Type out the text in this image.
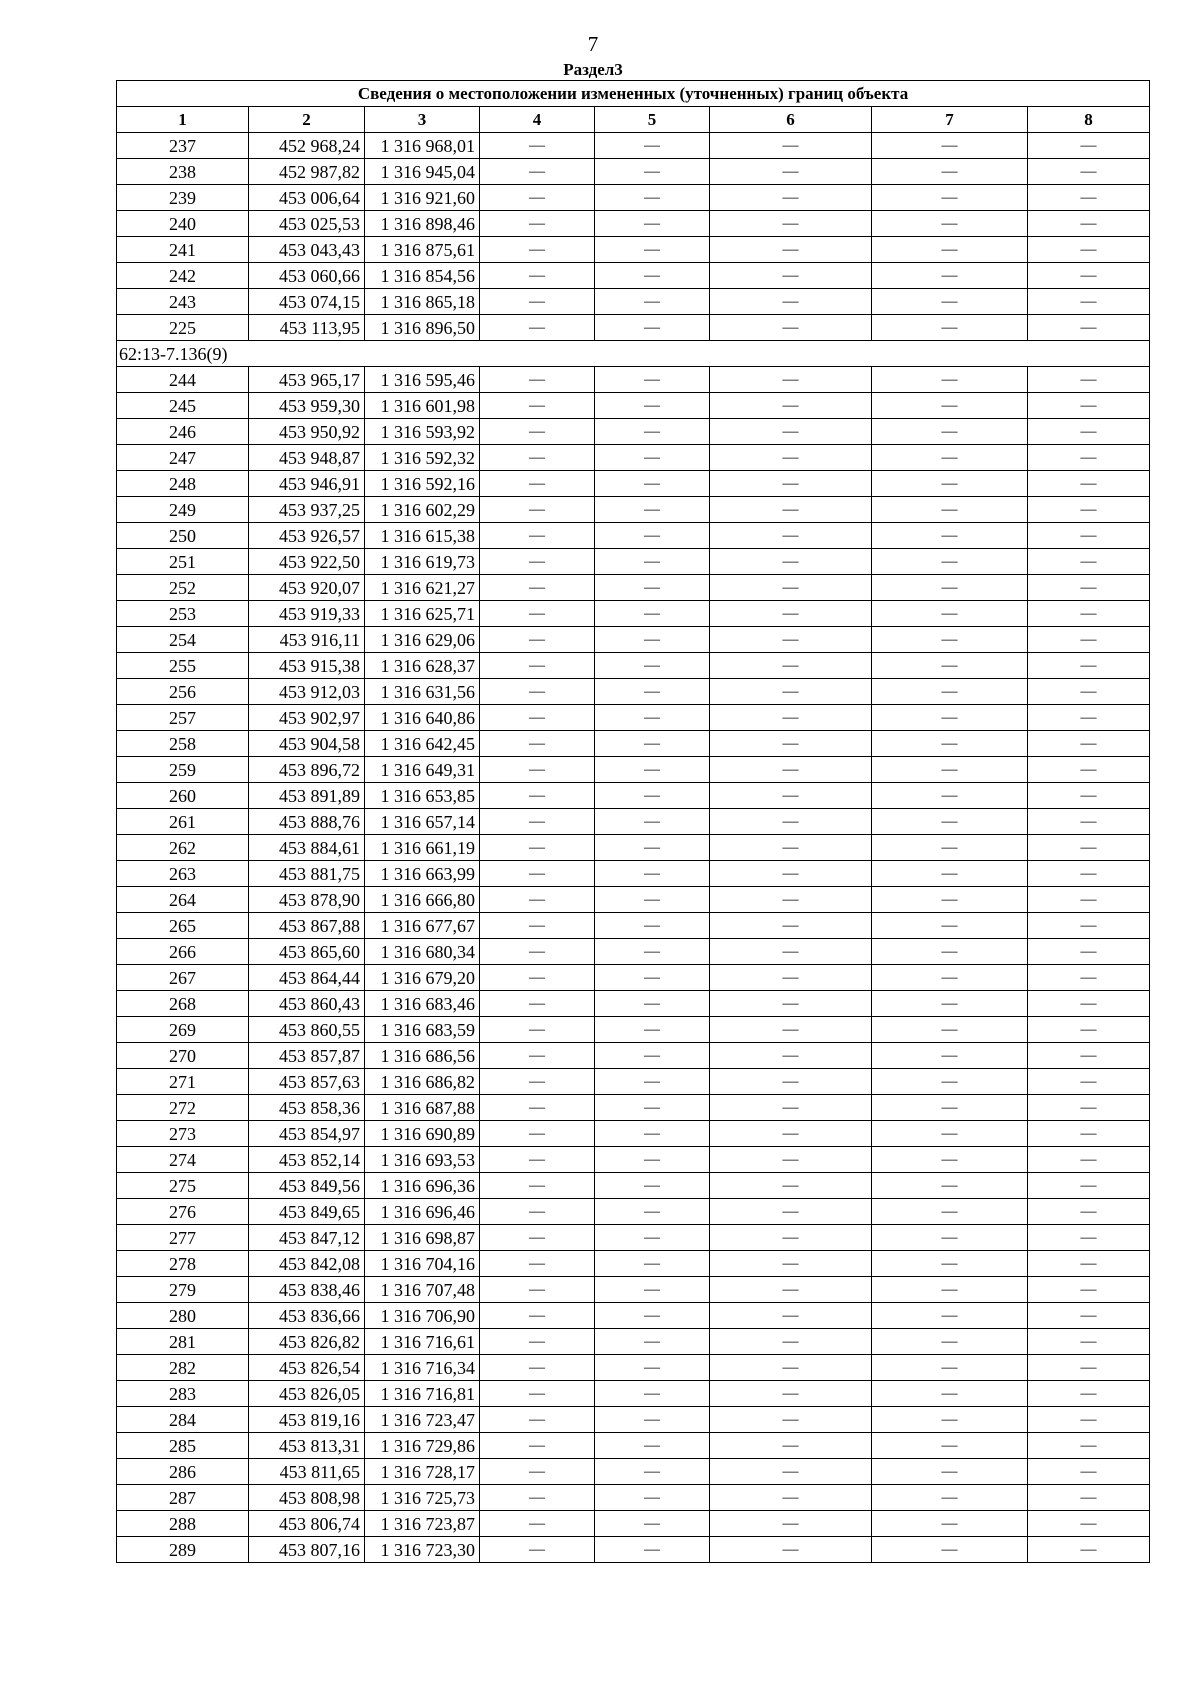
7
Раздел3
Сведения о местоположении измененных (уточненных) границ объекта							
1	2	3	4	5	6	7	8
237	452 968,24	1 316 968,01	—	—	—	—	—
238	452 987,82	1 316 945,04	—	—	—	—	—
239	453 006,64	1 316 921,60	—	—	—	—	—
240	453 025,53	1 316 898,46	—	—	—	—	—
241	453 043,43	1 316 875,61	—	—	—	—	—
242	453 060,66	1 316 854,56	—	—	—	—	—
243	453 074,15	1 316 865,18	—	—	—	—	—
225	453 113,95	1 316 896,50	—	—	—	—	—
62:13-7.136(9)							
244	453 965,17	1 316 595,46	—	—	—	—	—
245	453 959,30	1 316 601,98	—	—	—	—	—
246	453 950,92	1 316 593,92	—	—	—	—	—
247	453 948,87	1 316 592,32	—	—	—	—	—
248	453 946,91	1 316 592,16	—	—	—	—	—
249	453 937,25	1 316 602,29	—	—	—	—	—
250	453 926,57	1 316 615,38	—	—	—	—	—
251	453 922,50	1 316 619,73	—	—	—	—	—
252	453 920,07	1 316 621,27	—	—	—	—	—
253	453 919,33	1 316 625,71	—	—	—	—	—
254	453 916,11	1 316 629,06	—	—	—	—	—
255	453 915,38	1 316 628,37	—	—	—	—	—
256	453 912,03	1 316 631,56	—	—	—	—	—
257	453 902,97	1 316 640,86	—	—	—	—	—
258	453 904,58	1 316 642,45	—	—	—	—	—
259	453 896,72	1 316 649,31	—	—	—	—	—
260	453 891,89	1 316 653,85	—	—	—	—	—
261	453 888,76	1 316 657,14	—	—	—	—	—
262	453 884,61	1 316 661,19	—	—	—	—	—
263	453 881,75	1 316 663,99	—	—	—	—	—
264	453 878,90	1 316 666,80	—	—	—	—	—
265	453 867,88	1 316 677,67	—	—	—	—	—
266	453 865,60	1 316 680,34	—	—	—	—	—
267	453 864,44	1 316 679,20	—	—	—	—	—
268	453 860,43	1 316 683,46	—	—	—	—	—
269	453 860,55	1 316 683,59	—	—	—	—	—
270	453 857,87	1 316 686,56	—	—	—	—	—
271	453 857,63	1 316 686,82	—	—	—	—	—
272	453 858,36	1 316 687,88	—	—	—	—	—
273	453 854,97	1 316 690,89	—	—	—	—	—
274	453 852,14	1 316 693,53	—	—	—	—	—
275	453 849,56	1 316 696,36	—	—	—	—	—
276	453 849,65	1 316 696,46	—	—	—	—	—
277	453 847,12	1 316 698,87	—	—	—	—	—
278	453 842,08	1 316 704,16	—	—	—	—	—
279	453 838,46	1 316 707,48	—	—	—	—	—
280	453 836,66	1 316 706,90	—	—	—	—	—
281	453 826,82	1 316 716,61	—	—	—	—	—
282	453 826,54	1 316 716,34	—	—	—	—	—
283	453 826,05	1 316 716,81	—	—	—	—	—
284	453 819,16	1 316 723,47	—	—	—	—	—
285	453 813,31	1 316 729,86	—	—	—	—	—
286	453 811,65	1 316 728,17	—	—	—	—	—
287	453 808,98	1 316 725,73	—	—	—	—	—
288	453 806,74	1 316 723,87	—	—	—	—	—
289	453 807,16	1 316 723,30	—	—	—	—	—
